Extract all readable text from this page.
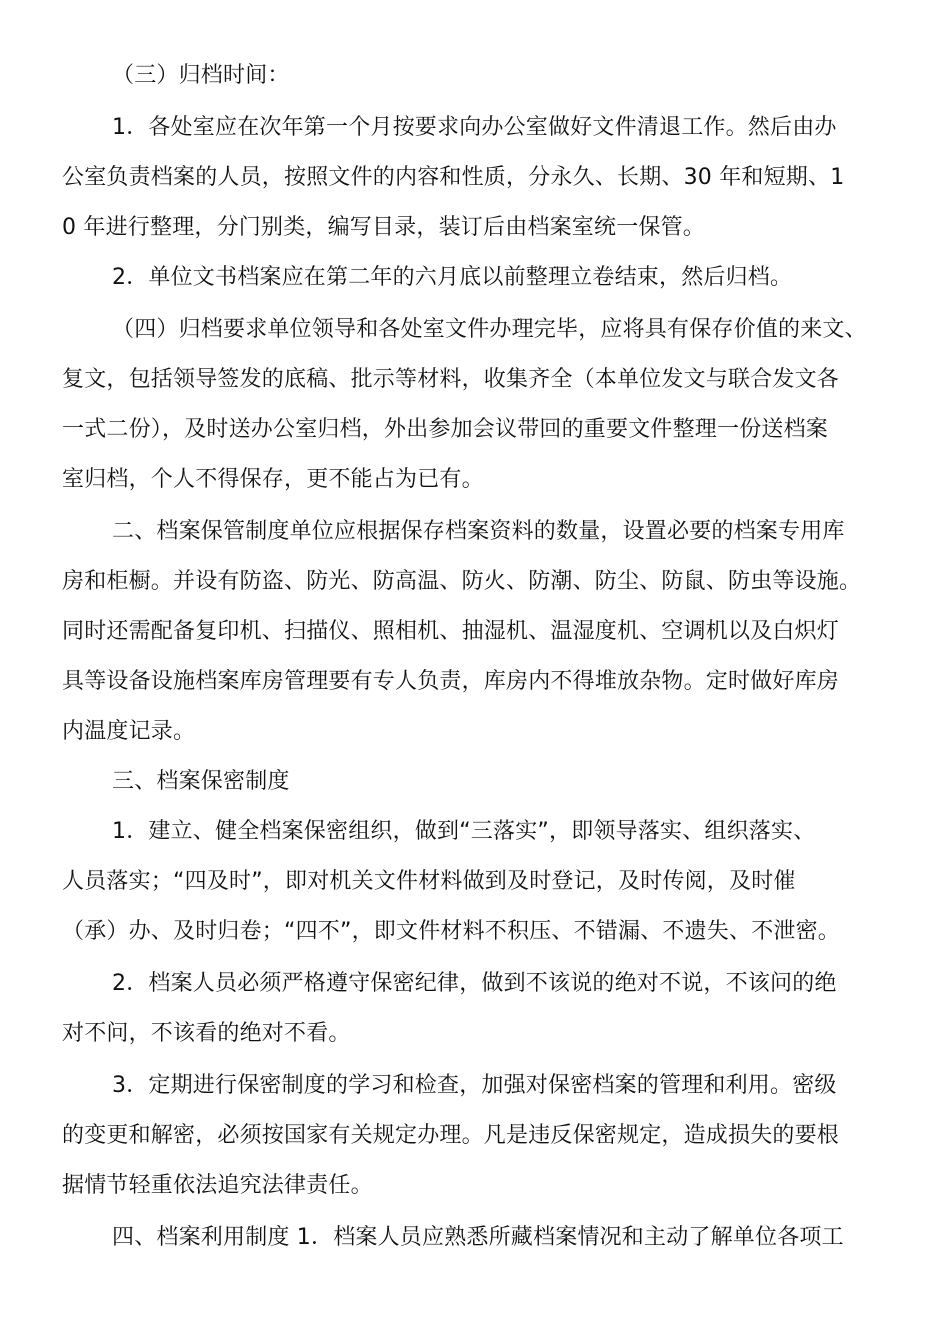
（三）归档时间：
1．各处室应在次年第一个月按要求向办公室做好文件清退工作。然后由办
公室负责档案的人员，按照文件的内容和性质，分永久、长期、30 年和短期、1
0 年进行整理，分门别类，编写目录，装订后由档案室统一保管。
2．单位文书档案应在第二年的六月底以前整理立卷结束，然后归档。
（四）归档要求单位领导和各处室文件办理完毕，应将具有保存价值的来文、
复文，包括领导签发的底稿、批示等材料，收集齐全（本单位发文与联合发文各
一式二份），及时送办公室归档，外出参加会议带回的重要文件整理一份送档案
室归档，个人不得保存，更不能占为已有。
二、档案保管制度单位应根据保存档案资料的数量，设置必要的档案专用库
房和柜橱。并设有防盗、防光、防高温、防火、防潮、防尘、防鼠、防虫等设施。
同时还需配备复印机、扫描仪、照相机、抽湿机、温湿度机、空调机以及白炽灯
具等设备设施档案库房管理要有专人负责，库房内不得堆放杂物。定时做好库房
内温度记录。
三、档案保密制度
1．建立、健全档案保密组织，做到“三落实”，即领导落实、组织落实、
人员落实；“四及时”，即对机关文件材料做到及时登记，及时传阅，及时催
（承）办、及时归卷；“四不”，即文件材料不积压、不错漏、不遗失、不泄密。
2．档案人员必须严格遵守保密纪律，做到不该说的绝对不说，不该问的绝
对不问，不该看的绝对不看。
3．定期进行保密制度的学习和检查，加强对保密档案的管理和利用。密级
的变更和解密，必须按国家有关规定办理。凡是违反保密规定，造成损失的要根
据情节轻重依法追究法律责任。
四、档案利用制度 1．档案人员应熟悉所藏档案情况和主动了解单位各项工
